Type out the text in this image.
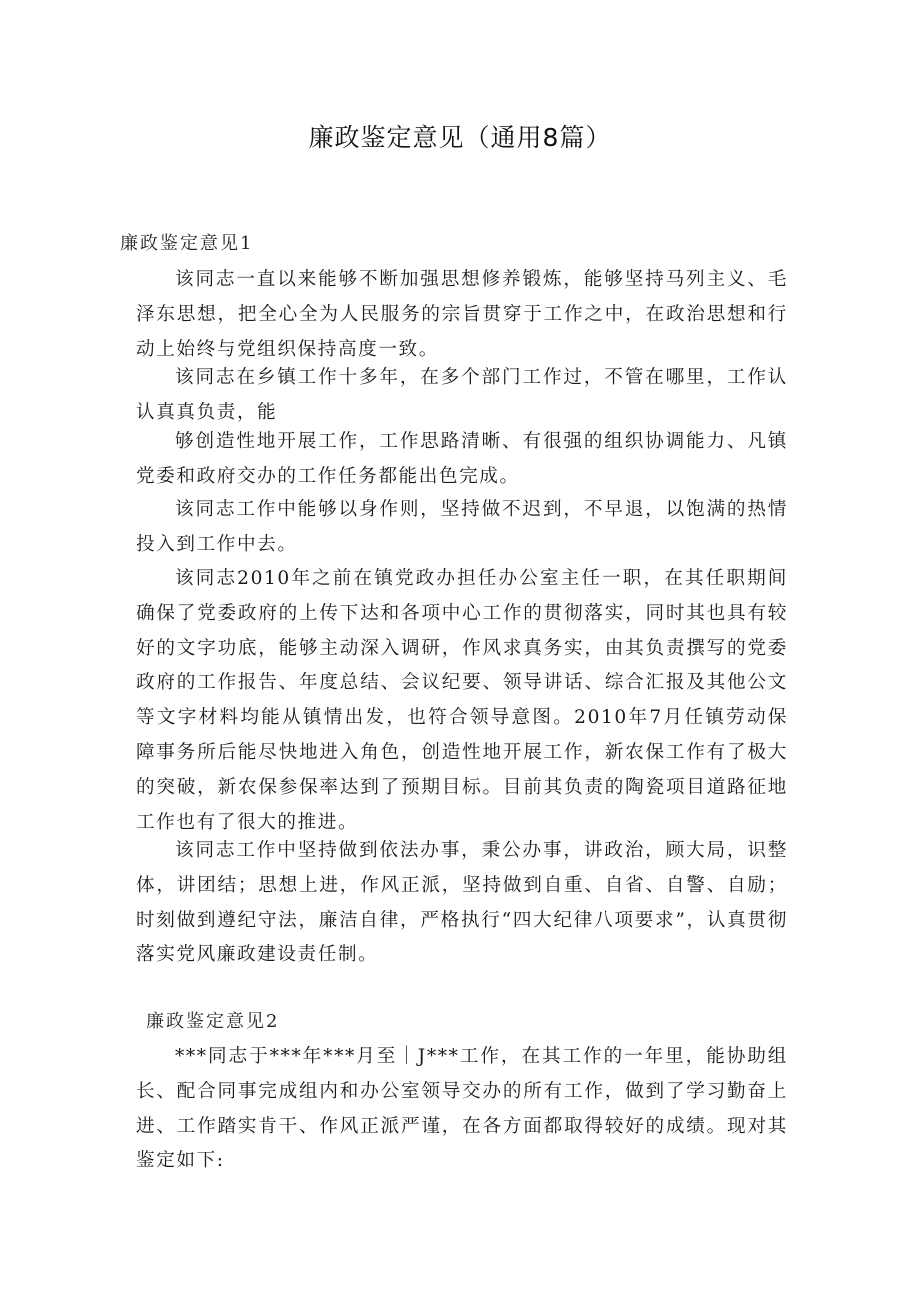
廉政鉴定意见（通用8篇）
廉政鉴定意见1

该同志一直以来能够不断加强思想修养锻炼，能够坚持马列主义、毛泽东思想，把全心全为人民服务的宗旨贯穿于工作之中，在政治思想和行动上始终与党组织保持高度一致。

该同志在乡镇工作十多年，在多个部门工作过，不管在哪里，工作认认真真负责，能

够创造性地开展工作，工作思路清晰、有很强的组织协调能力、凡镇党委和政府交办的工作任务都能出色完成。

该同志工作中能够以身作则，坚持做不迟到，不早退，以饱满的热情投入到工作中去。

该同志2010年之前在镇党政办担任办公室主任一职，在其任职期间确保了党委政府的上传下达和各项中心工作的贯彻落实，同时其也具有较好的文字功底，能够主动深入调研，作风求真务实，由其负责撰写的党委政府的工作报告、年度总结、会议纪要、领导讲话、综合汇报及其他公文等文字材料均能从镇情出发，也符合领导意图。2010年7月任镇劳动保障事务所后能尽快地进入角色，创造性地开展工作，新农保工作有了极大的突破，新农保参保率达到了预期目标。目前其负责的陶瓷项目道路征地工作也有了很大的推进。

该同志工作中坚持做到依法办事，秉公办事，讲政治，顾大局，识整体，讲团结；思想上进，作风正派，坚持做到自重、自省、自警、自励；时刻做到遵纪守法，廉洁自律，严格执行“四大纪律八项要求”，认真贯彻落实党风廉政建设责任制。

廉政鉴定意见2

***同志于***年***月至｜J***工作，在其工作的一年里，能协助组长、配合同事完成组内和办公室领导交办的所有工作，做到了学习勤奋上进、工作踏实肯干、作风正派严谨，在各方面都取得较好的成绩。现对其鉴定如下:
